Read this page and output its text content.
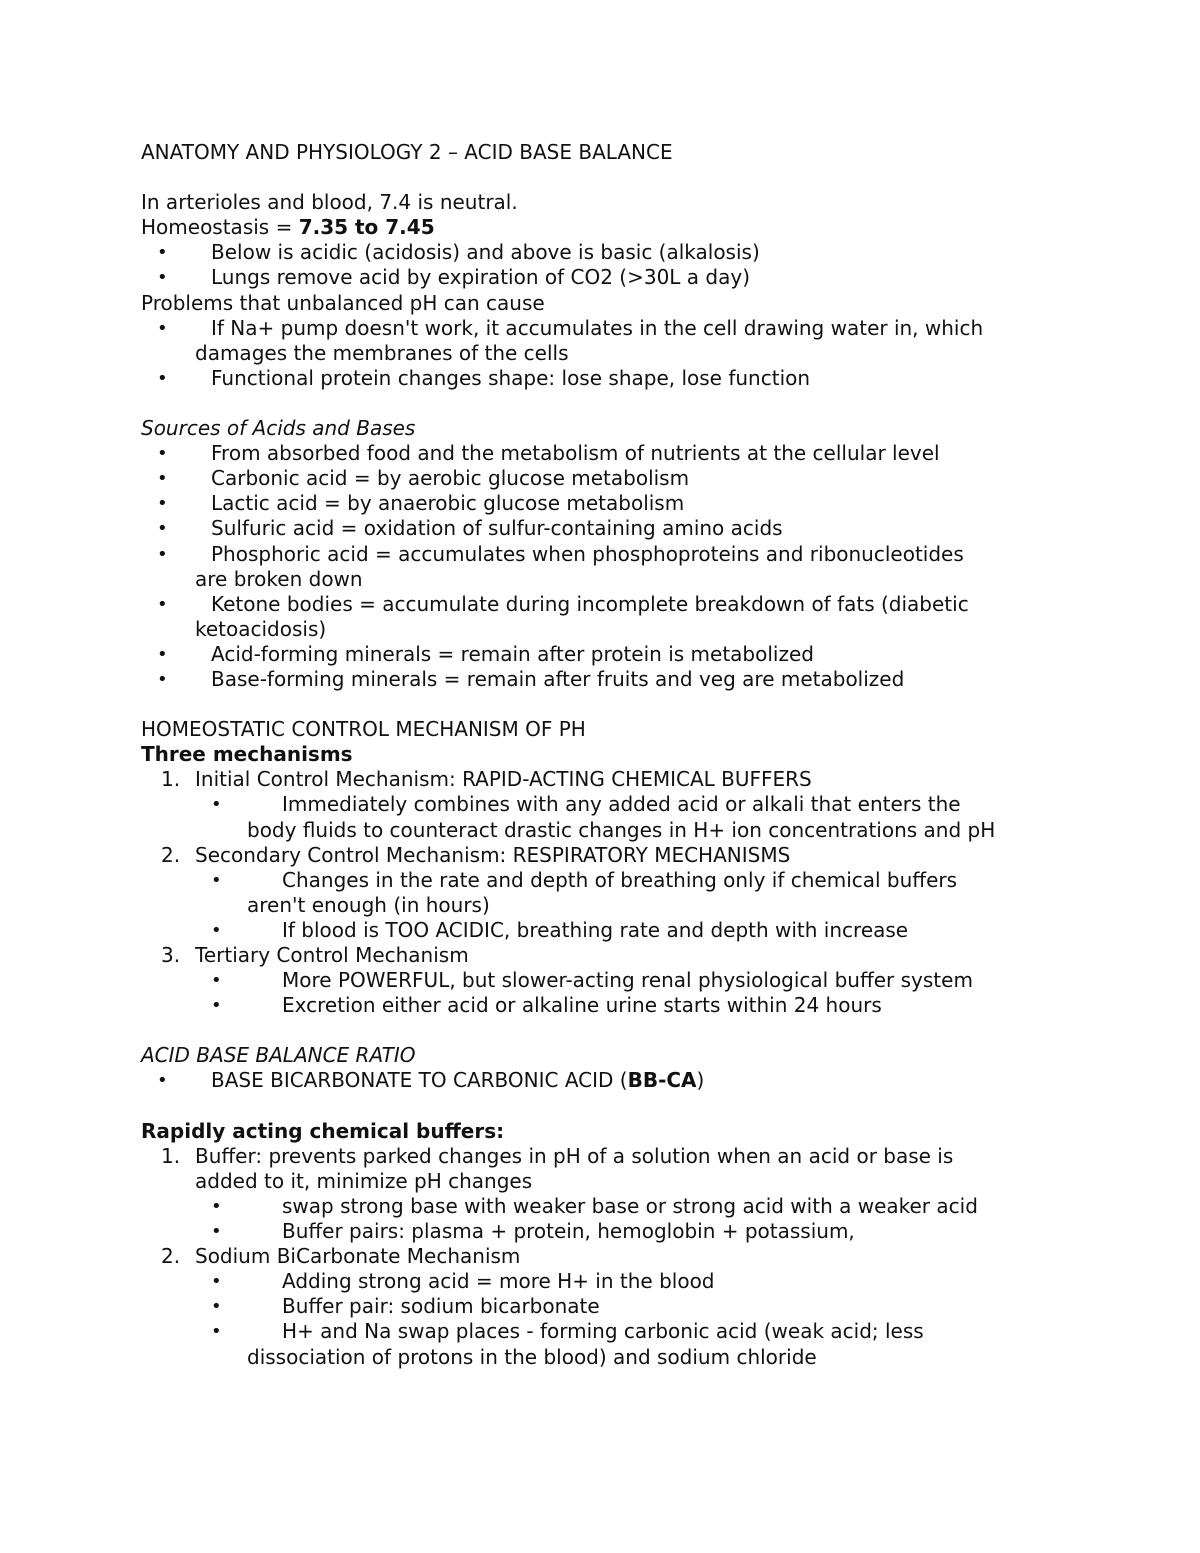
ANATOMY AND PHYSIOLOGY 2 – ACID BASE BALANCE
In arterioles and blood, 7.4 is neutral.
Homeostasis = 7.35 to 7.45
• Below is acidic (acidosis) and above is basic (alkalosis)
• Lungs remove acid by expiration of CO2 (>30L a day)
Problems that unbalanced pH can cause
• If Na+ pump doesn't work, it accumulates in the cell drawing water in, which
damages the membranes of the cells
• Functional protein changes shape: lose shape, lose function
Sources of Acids and Bases
• From absorbed food and the metabolism of nutrients at the cellular level
• Carbonic acid = by aerobic glucose metabolism
• Lactic acid = by anaerobic glucose metabolism
• Sulfuric acid = oxidation of sulfur-containing amino acids
• Phosphoric acid = accumulates when phosphoproteins and ribonucleotides
are broken down
• Ketone bodies = accumulate during incomplete breakdown of fats (diabetic
ketoacidosis)
• Acid-forming minerals = remain after protein is metabolized
• Base-forming minerals = remain after fruits and veg are metabolized
HOMEOSTATIC CONTROL MECHANISM OF PH
Three mechanisms
1. Initial Control Mechanism: RAPID-ACTING CHEMICAL BUFFERS
•	Immediately combines with any added acid or alkali that enters the
body fluids to counteract drastic changes in H+ ion concentrations and pH
2. Secondary Control Mechanism: RESPIRATORY MECHANISMS
•	Changes in the rate and depth of breathing only if chemical buffers
aren't enough (in hours)
•	If blood is TOO ACIDIC, breathing rate and depth with increase
3. Tertiary Control Mechanism
•	More POWERFUL, but slower-acting renal physiological buffer system
•	Excretion either acid or alkaline urine starts within 24 hours
ACID BASE BALANCE RATIO
• BASE BICARBONATE TO CARBONIC ACID (BB-CA)
Rapidly acting chemical buffers:
1. Buffer: prevents parked changes in pH of a solution when an acid or base is
added to it, minimize pH changes
•	swap strong base with weaker base or strong acid with a weaker acid
•	Buffer pairs: plasma + protein, hemoglobin + potassium,
2. Sodium BiCarbonate Mechanism
•	Adding strong acid = more H+ in the blood
•	Buffer pair: sodium bicarbonate
•	H+ and Na swap places - forming carbonic acid (weak acid; less
dissociation of protons in the blood) and sodium chloride
